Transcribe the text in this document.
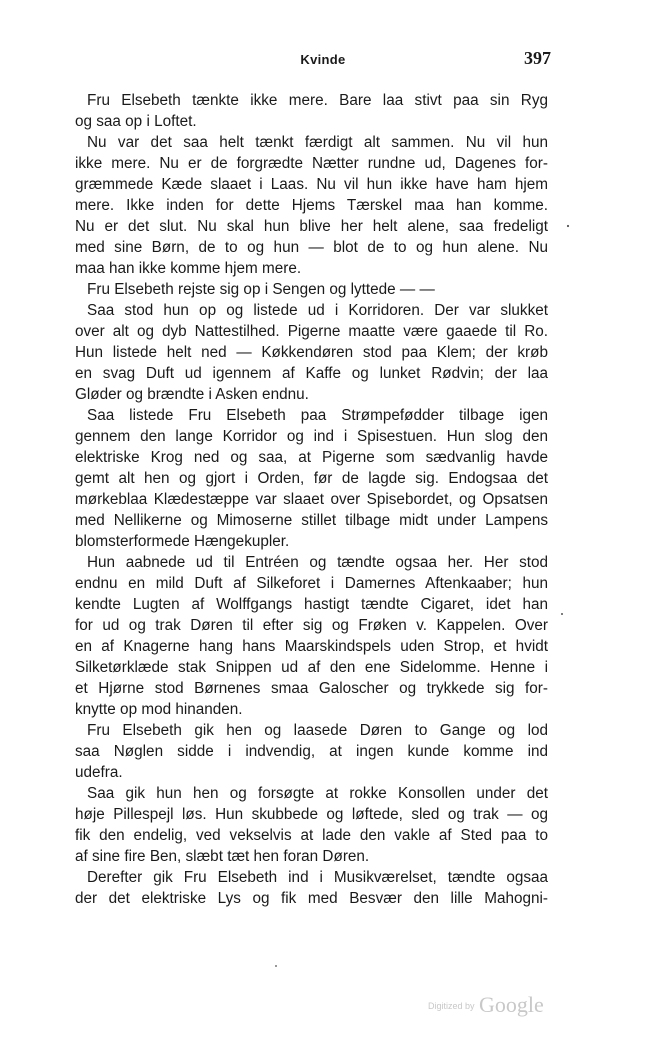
Kvinde	397
Fru Elsebeth tænkte ikke mere. Bare laa stivt paa sin Ryg
og saa op i Loftet.
Nu var det saa helt tænkt færdigt alt sammen. Nu vil hun
ikke mere. Nu er de forgrædte Nætter rundne ud, Dagenes for-
græmmede Kæde slaaet i Laas. Nu vil hun ikke have ham hjem
mere. Ikke inden for dette Hjems Tærskel maa han komme.
Nu er det slut. Nu skal hun blive her helt alene, saa fredeligt
med sine Børn, de to og hun — blot de to og hun alene. Nu
maa han ikke komme hjem mere.
Fru Elsebeth rejste sig op i Sengen og lyttede — —
Saa stod hun op og listede ud i Korridoren. Der var slukket
over alt og dyb Nattestilhed. Pigerne maatte være gaaede til Ro.
Hun listede helt ned — Køkkendøren stod paa Klem; der krøb
en svag Duft ud igennem af Kaffe og lunket Rødvin; der laa
Gløder og brændte i Asken endnu.
Saa listede Fru Elsebeth paa Strømpefødder tilbage igen
gennem den lange Korridor og ind i Spisestuen. Hun slog den
elektriske Krog ned og saa, at Pigerne som sædvanlig havde
gemt alt hen og gjort i Orden, før de lagde sig. Endogsaa det
mørkeblaa Klædestæppe var slaaet over Spisebordet, og Opsatsen
med Nellikerne og Mimoserne stillet tilbage midt under Lampens
blomsterformede Hængekupler.
Hun aabnede ud til Entréen og tændte ogsaa her. Her stod
endnu en mild Duft af Silkeforet i Damernes Aftenkaaber; hun
kendte Lugten af Wolffgangs hastigt tændte Cigaret, idet han
for ud og trak Døren til efter sig og Frøken v. Kappelen. Over
en af Knagerne hang hans Maarskindspels uden Strop, et hvidt
Silketørklæde stak Snippen ud af den ene Sidelomme. Henne i
et Hjørne stod Børnenes smaa Galoscher og trykkede sig for-
knytte op mod hinanden.
Fru Elsebeth gik hen og laasede Døren to Gange og lod
saa Nøglen sidde i indvendig, at ingen kunde komme ind
udefra.
Saa gik hun hen og forsøgte at rokke Konsollen under det
høje Pillespejl løs. Hun skubbede og løftede, sled og trak — og
fik den endelig, ved vekselvis at lade den vakle af Sted paa to
af sine fire Ben, slæbt tæt hen foran Døren.
Derefter gik Fru Elsebeth ind i Musikværelset, tændte ogsaa
der det elektriske Lys og fik med Besvær den lille Mahogni-
Digitized by Google
